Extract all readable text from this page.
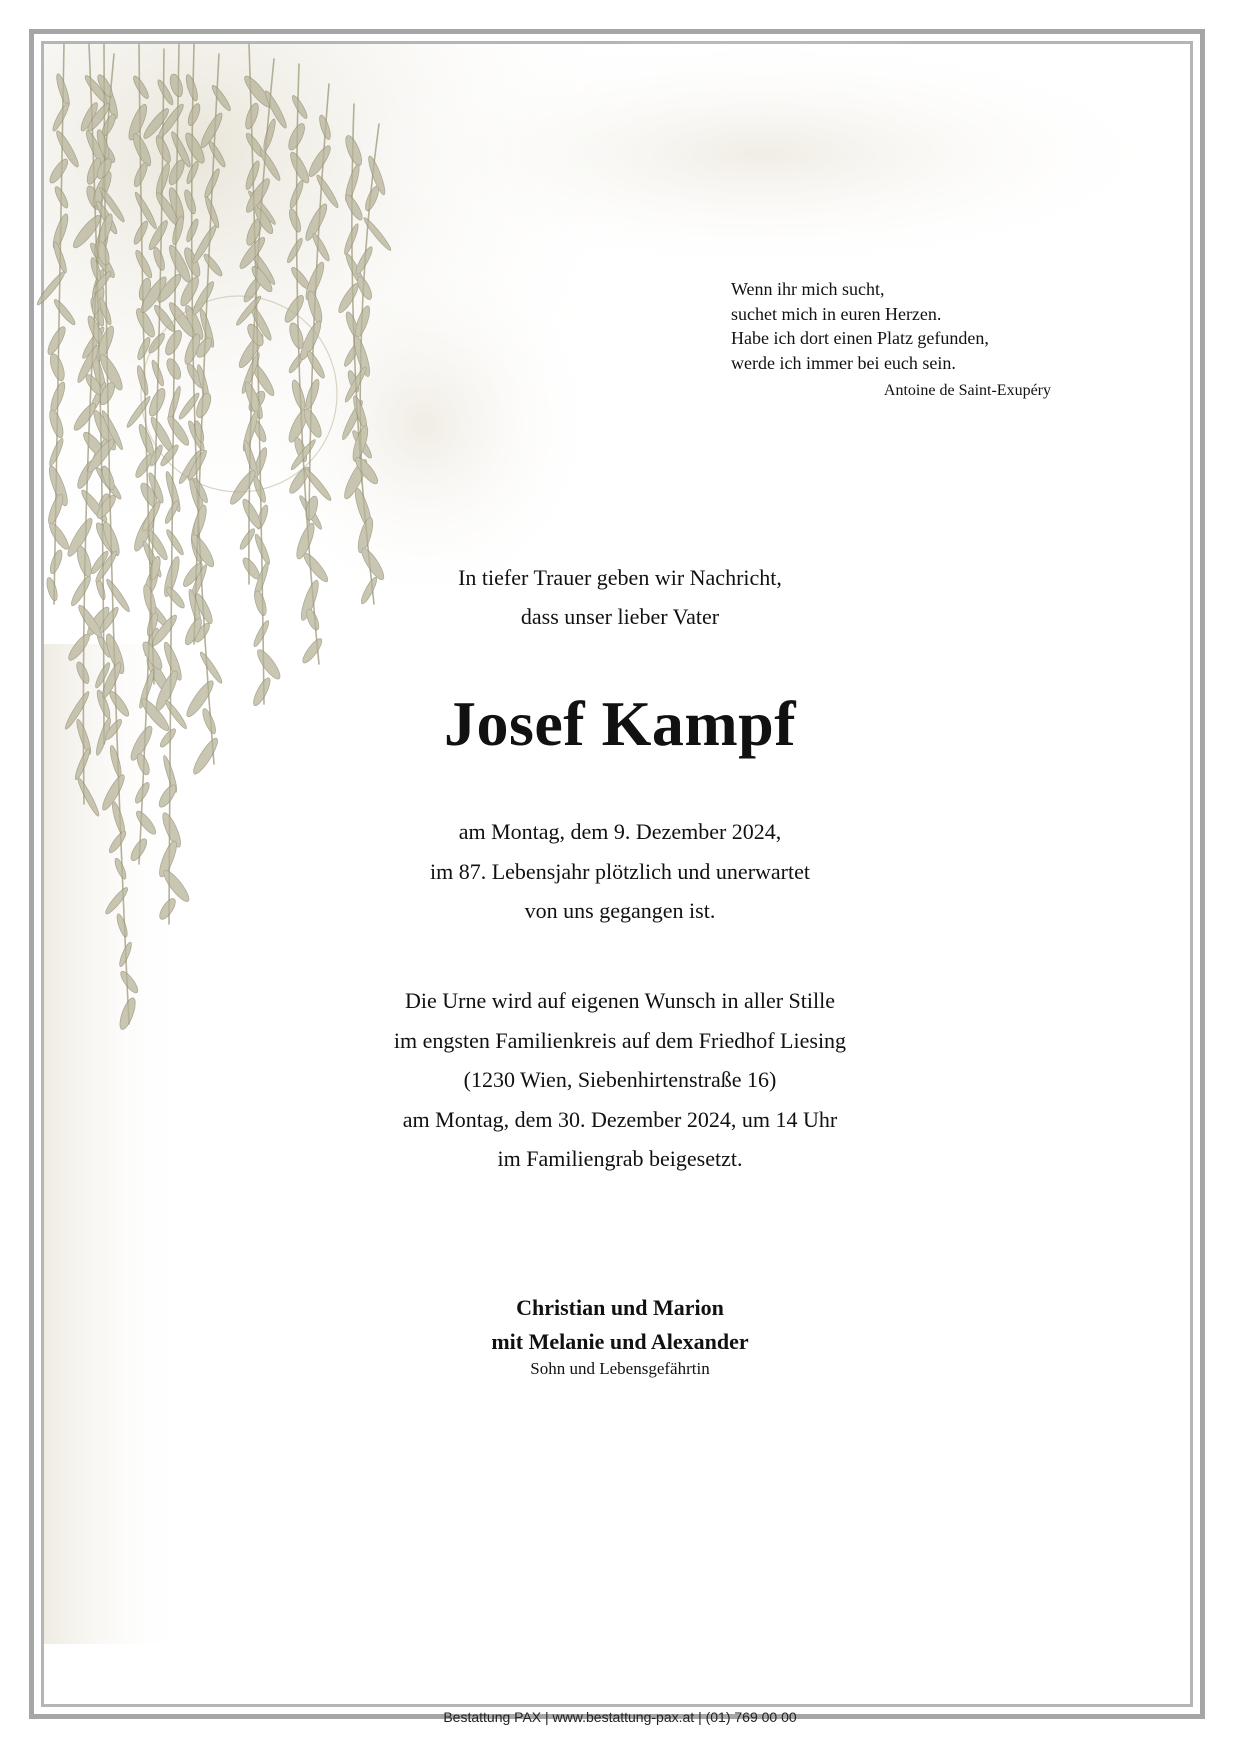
Wenn ihr mich sucht,
suchet mich in euren Herzen.
Habe ich dort einen Platz gefunden,
werde ich immer bei euch sein.
Antoine de Saint-Exupéry
In tiefer Trauer geben wir Nachricht,
dass unser lieber Vater
Josef Kampf
am Montag, dem 9. Dezember 2024,
im 87. Lebensjahr plötzlich und unerwartet
von uns gegangen ist.
Die Urne wird auf eigenen Wunsch in aller Stille
im engsten Familienkreis auf dem Friedhof Liesing
(1230 Wien, Siebenhirtenstraße 16)
am Montag, dem 30. Dezember 2024, um 14 Uhr
im Familiengrab beigesetzt.
Christian und Marion
mit Melanie und Alexander
Sohn und Lebensgefährtin
Bestattung PAX | www.bestattung-pax.at | (01) 769 00 00
